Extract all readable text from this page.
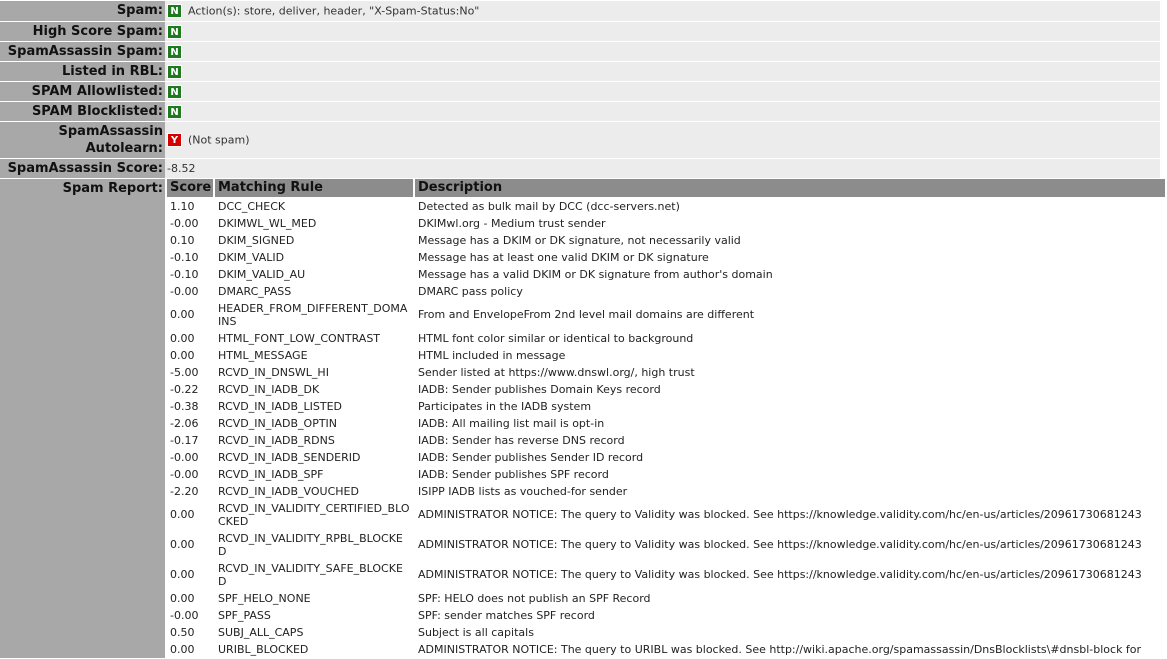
Spam:	N Action(s): store, deliver, header, "X-Spam-Status:No"
High Score Spam:	N
SpamAssassin Spam:	N
Listed in RBL:	N
SPAM Allowlisted:	N
SPAM Blocklisted:	N
SpamAssassin Autolearn:	Y (Not spam)
SpamAssassin Score:	-8.52
Spam Report:	Score	Matching Rule	Description
1.10	DCC_CHECK	Detected as bulk mail by DCC (dcc-servers.net)
-0.00	DKIMWL_WL_MED	DKIMwl.org - Medium trust sender
0.10	DKIM_SIGNED	Message has a DKIM or DK signature, not necessarily valid
-0.10	DKIM_VALID	Message has at least one valid DKIM or DK signature
-0.10	DKIM_VALID_AU	Message has a valid DKIM or DK signature from author's domain
-0.00	DMARC_PASS	DMARC pass policy
0.00	HEADER_FROM_DIFFERENT_DOMAINS	From and EnvelopeFrom 2nd level mail domains are different
0.00	HTML_FONT_LOW_CONTRAST	HTML font color similar or identical to background
0.00	HTML_MESSAGE	HTML included in message
-5.00	RCVD_IN_DNSWL_HI	Sender listed at https://www.dnswl.org/, high trust
-0.22	RCVD_IN_IADB_DK	IADB: Sender publishes Domain Keys record
-0.38	RCVD_IN_IADB_LISTED	Participates in the IADB system
-2.06	RCVD_IN_IADB_OPTIN	IADB: All mailing list mail is opt-in
-0.17	RCVD_IN_IADB_RDNS	IADB: Sender has reverse DNS record
-0.00	RCVD_IN_IADB_SENDERID	IADB: Sender publishes Sender ID record
-0.00	RCVD_IN_IADB_SPF	IADB: Sender publishes SPF record
-2.20	RCVD_IN_IADB_VOUCHED	ISIPP IADB lists as vouched-for sender
0.00	RCVD_IN_VALIDITY_CERTIFIED_BLOCKED	ADMINISTRATOR NOTICE: The query to Validity was blocked. See https://knowledge.validity.com/hc/en-us/articles/20961730681243
0.00	RCVD_IN_VALIDITY_RPBL_BLOCKED	ADMINISTRATOR NOTICE: The query to Validity was blocked. See https://knowledge.validity.com/hc/en-us/articles/20961730681243
0.00	RCVD_IN_VALIDITY_SAFE_BLOCKED	ADMINISTRATOR NOTICE: The query to Validity was blocked. See https://knowledge.validity.com/hc/en-us/articles/20961730681243
0.00	SPF_HELO_NONE	SPF: HELO does not publish an SPF Record
-0.00	SPF_PASS	SPF: sender matches SPF record
0.50	SUBJ_ALL_CAPS	Subject is all capitals
0.00	URIBL_BLOCKED	ADMINISTRATOR NOTICE: The query to URIBL was blocked. See http://wiki.apache.org/spamassassin/DnsBlocklists\#dnsbl-block for
